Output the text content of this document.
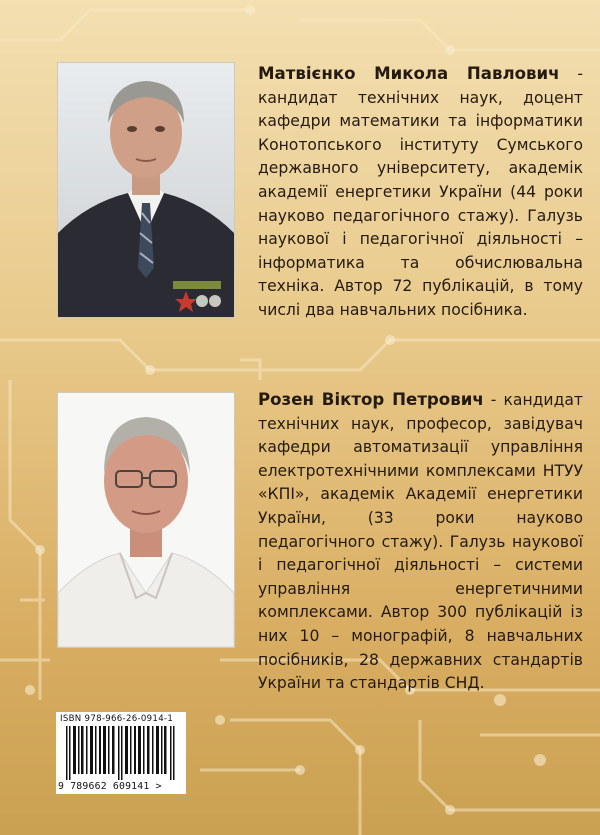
Матвієнко Микола Павлович - кандидат технічних наук, доцент кафедри математики та інформатики Конотопського інституту Сумського державного університету, академік академії енергетики України (44 роки науково педагогічного стажу). Галузь наукової і педагогічної діяльності – інформатика та обчислювальна техніка. Автор 72 публікацій, в тому числі два навчальних посібника.
Розен Віктор Петрович - кандидат технічних наук, професор, завідувач кафедри автоматизації управління електротехнічними комплексами НТУУ «КПІ», академік Академії енергетики України, (33 роки науково педагогічного стажу). Галузь наукової і педагогічної діяльності – системи управління енергетичними комплексами. Автор 300 публікацій із них 10 – монографій, 8 навчальних посібників, 28 державних стандартів України та стандартів СНД.
ISBN 978-966-26-0914-1
9 789662 609141 >
